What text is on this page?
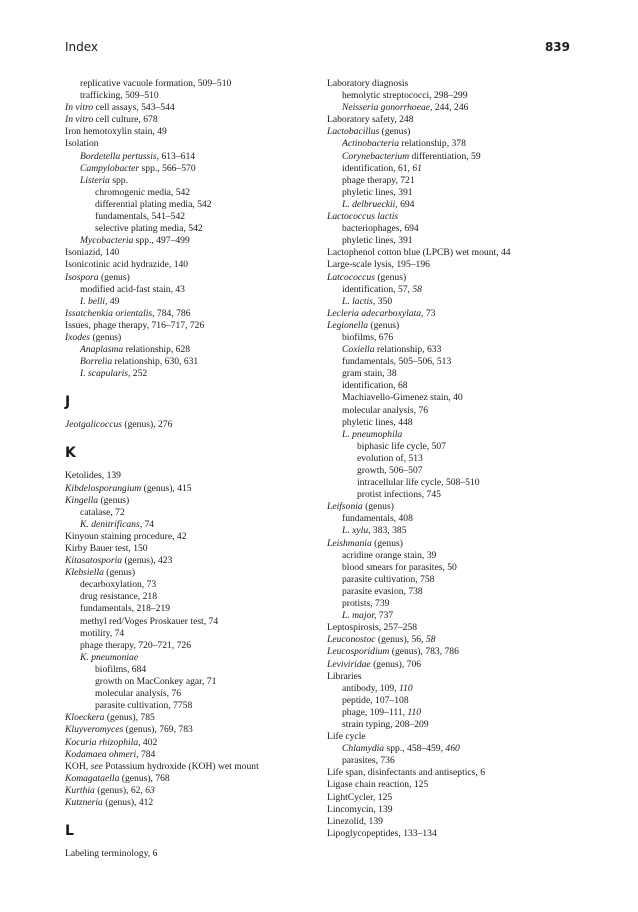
Index	839
replicative vacuole formation, 509–510
trafficking, 509–510
In vitro cell assays, 543–544
In vitro cell culture, 678
Iron hemotoxylin stain, 49
Isolation
Bordetella pertussis, 613–614
Campylobacter spp., 566–570
Listeria spp.
chromogenic media, 542
differential plating media, 542
fundamentals, 541–542
selective plating media, 542
Mycobacteria spp., 497–499
Isoniazid, 140
Isonicotinic acid hydrazide, 140
Isospora (genus)
modified acid-fast stain, 43
I. belli, 49
Issatchenkia orientalis, 784, 786
Issues, phage therapy, 716–717, 726
Ixodes (genus)
Anaplasma relationship, 628
Borrelia relationship, 630, 631
I. scapularis, 252
J
Jeotgalicoccus (genus), 276
K
Ketolides, 139
Kibdelosporangium (genus), 415
Kingella (genus)
catalase, 72
K. denitrificans, 74
Kinyoun staining procedure, 42
Kirby Bauer test, 150
Kitasatosporia (genus), 423
Klebsiella (genus)
decarboxylation, 73
drug resistance, 218
fundamentals, 218–219
methyl red/Voges Proskauer test, 74
motility, 74
phage therapy, 720–721, 726
K. pneumoniae
biofilms, 684
growth on MacConkey agar, 71
molecular analysis, 76
parasite cultivation, 7758
Kloeckera (genus), 785
Kluyveromyces (genus), 769, 783
Kocuria rhizophila, 402
Kodamaea ohmeri, 784
KOH, see Potassium hydroxide (KOH) wet mount
Komagataella (genus), 768
Kurthia (genus), 62, 63
Kutzneria (genus), 412
L
Labeling terminology, 6
Laboratory diagnosis
hemolytic streptococci, 298–299
Neisseria gonorrhoeae, 244, 246
Laboratory safety, 248
Lactobacillus (genus)
Actinobacteria relationship, 378
Corynebacterium differentiation, 59
identification, 61, 61
phage therapy, 721
phyletic lines, 391
L. delbrueckii, 694
Lactococcus lactis
bacteriophages, 694
phyletic lines, 391
Lactophenol cotton blue (LPCB) wet mount, 44
Large-scale lysis, 195–196
Latcococcus (genus)
identification, 57, 58
L. lactis, 350
Lecleria adecarboxylata, 73
Legionella (genus)
biofilms, 676
Coxiella relationship, 633
fundamentals, 505–506, 513
gram stain, 38
identification, 68
Machiavello-Gimenez stain, 40
molecular analysis, 76
phyletic lines, 448
L. pneumophila
biphasic life cycle, 507
evolution of, 513
growth, 506–507
intracellular life cycle, 508–510
protist infections, 745
Leifsonia (genus)
fundamentals, 408
L. xylu, 383, 385
Leishmania (genus)
acridine orange stain, 39
blood smears for parasites, 50
parasite cultivation, 758
parasite evasion, 738
protists, 739
L. major, 737
Leptospirosis, 257–258
Leuconostoc (genus), 56, 58
Leucosporidium (genus), 783, 786
Leviviridae (genus), 706
Libraries
antibody, 109, 110
peptide, 107–108
phage, 109–111, 110
strain typing, 208–209
Life cycle
Chlamydia spp., 458–459, 460
parasites, 736
Life span, disinfectants and antiseptics, 6
Ligase chain reaction, 125
LightCycler, 125
Lincomycin, 139
Linezolid, 139
Lipoglycopeptides, 133–134
